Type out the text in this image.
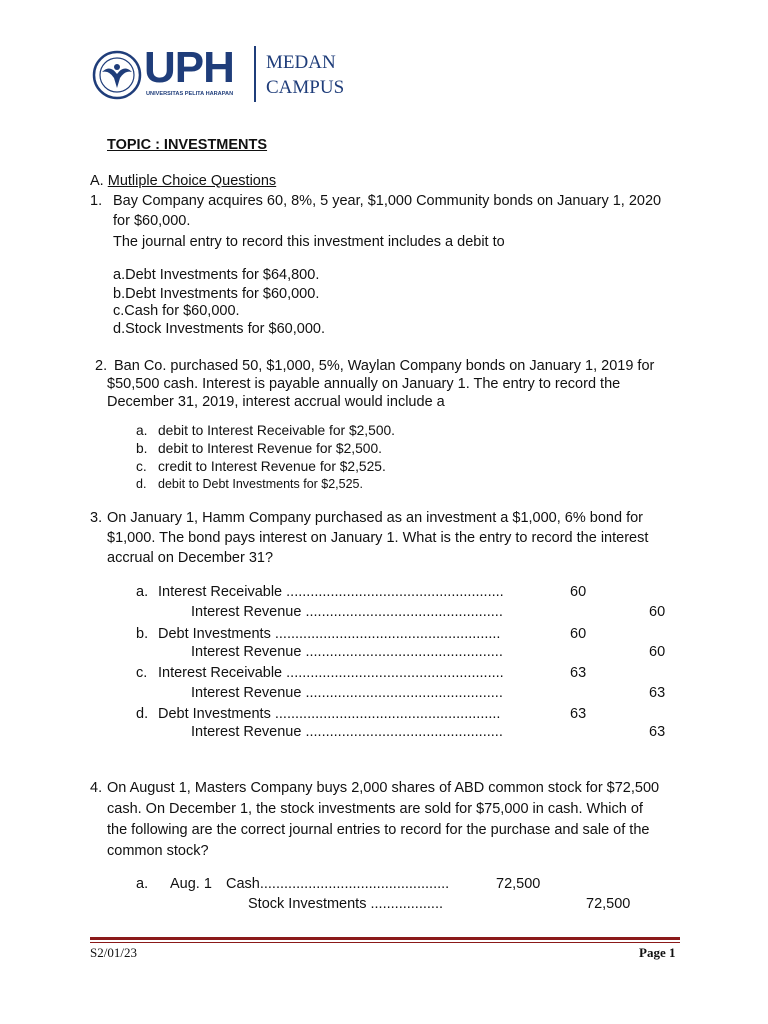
UPH
UNIVERSITAS PELITA HARAPAN
MEDAN
CAMPUS
TOPIC : INVESTMENTS
A. Mutliple Choice Questions
1. Bay Company acquires 60, 8%, 5 year, $1,000 Community bonds on January 1, 2020
for $60,000.
The journal entry to record this investment includes a debit to
a.Debt Investments for $64,800.
b.Debt Investments for $60,000.
c.Cash for $60,000.
d.Stock Investments for $60,000.
2. Ban Co. purchased 50, $1,000, 5%, Waylan Company bonds on January 1, 2019 for
$50,500 cash. Interest is payable annually on January 1. The entry to record the
December 31, 2019, interest accrual would include a
a. debit to Interest Receivable for $2,500.
b. debit to Interest Revenue for $2,500.
c. credit to Interest Revenue for $2,525.
d. debit to Debt Investments for $2,525.
3. On January 1, Hamm Company purchased as an investment a $1,000, 6% bond for
$1,000. The bond pays interest on January 1. What is the entry to record the interest
accrual on December 31?
a. Interest Receivable ......................................................	60
Interest Revenue .................................................	60
b. Debt Investments ........................................................	60
Interest Revenue .................................................	60
c. Interest Receivable ......................................................	63
Interest Revenue .................................................	63
d. Debt Investments ........................................................	63
Interest Revenue .................................................	63
4. On August 1, Masters Company buys 2,000 shares of ABD common stock for $72,500
cash. On December 1, the stock investments are sold for $75,000 in cash. Which of
the following are the correct journal entries to record for the purchase and sale of the
common stock?
a. Aug. 1 Cash...............................................	72,500
Stock Investments ..................	72,500
S2/01/23	Page 1
